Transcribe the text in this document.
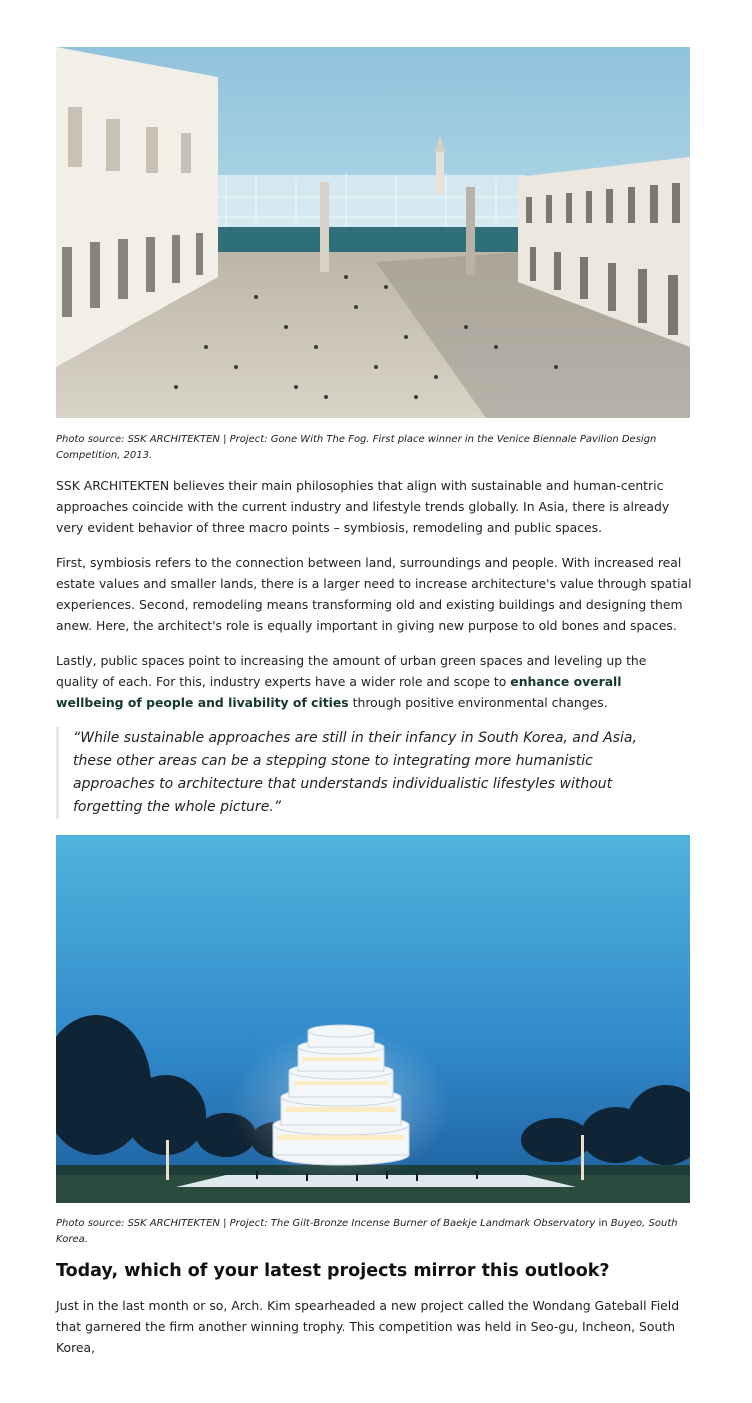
Photo source: SSK ARCHITEKTEN | Project: Gone With The Fog. First place winner in the Venice Biennale Pavilion Design Competition, 2013.

SSK ARCHITEKTEN believes their main philosophies that align with sustainable and human-centric approaches coincide with the current industry and lifestyle trends globally. In Asia, there is already very evident behavior of three macro points – symbiosis, remodeling and public spaces.

First, symbiosis refers to the connection between land, surroundings and people. With increased real estate values and smaller lands, there is a larger need to increase architecture's value through spatial experiences. Second, remodeling means transforming old and existing buildings and designing them anew. Here, the architect's role is equally important in giving new purpose to old bones and spaces.

Lastly, public spaces point to increasing the amount of urban green spaces and leveling up the quality of each. For this, industry experts have a wider role and scope to enhance overall wellbeing of people and livability of cities through positive environmental changes.

“While sustainable approaches are still in their infancy in South Korea, and Asia, these other areas can be a stepping stone to integrating more humanistic approaches to architecture that understands individualistic lifestyles without forgetting the whole picture.”
Photo source: SSK ARCHITEKTEN | Project: The Gilt-Bronze Incense Burner of Baekje Landmark Observatory in Buyeo, South Korea.
Today, which of your latest projects mirror this outlook?

Just in the last month or so, Arch. Kim spearheaded a new project called the Wondang Gateball Field that garnered the firm another winning trophy. This competition was held in Seo-gu, Incheon, South Korea,
